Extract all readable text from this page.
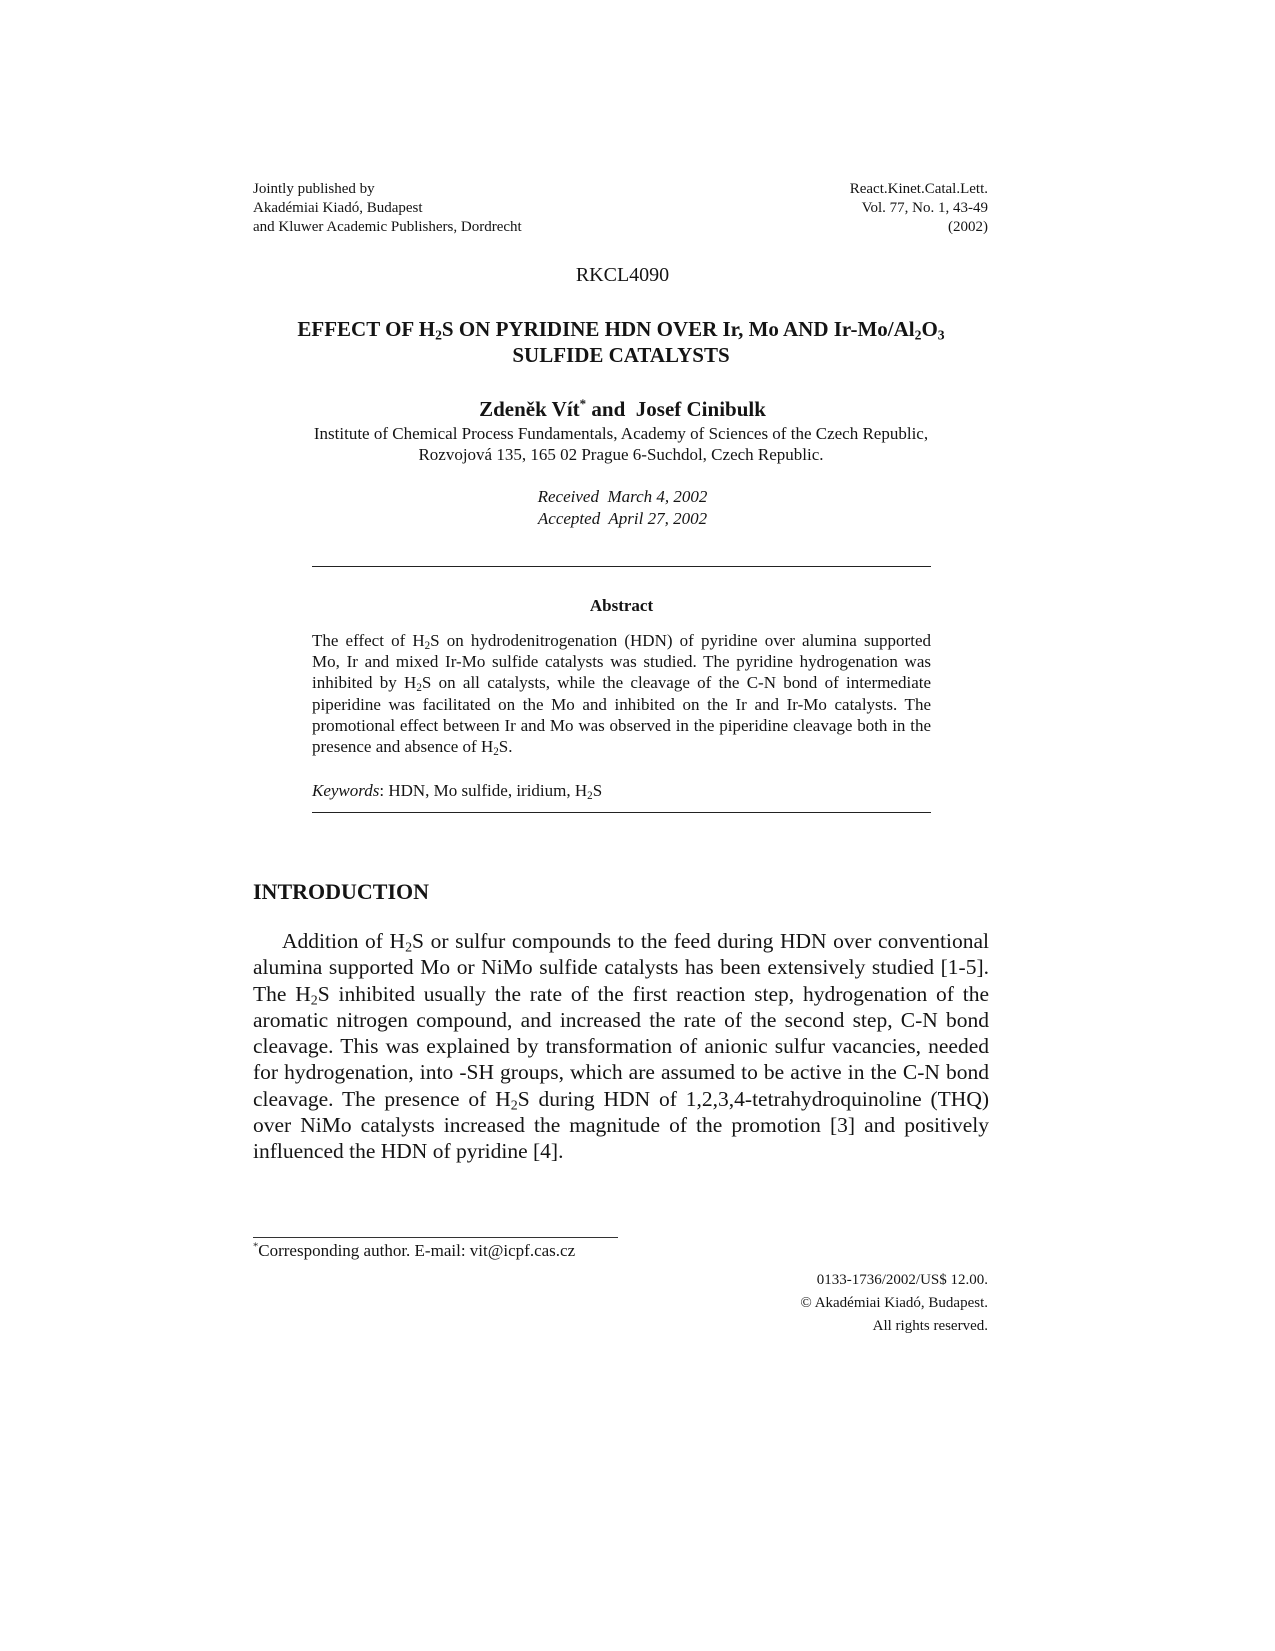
Jointly published by
Akadémiai Kiadó, Budapest
and Kluwer Academic Publishers, Dordrecht
React.Kinet.Catal.Lett.
Vol. 77, No. 1, 43-49
(2002)
RKCL4090
EFFECT OF $H_2S$ ON PYRIDINE HDN OVER Ir, Mo AND $Ir-Mo/Al_2O_3$
SULFIDE CATALYSTS
Zdeněk Vít* and  Josef Cinibulk
Institute of Chemical Process Fundamentals, Academy of Sciences of the Czech Republic,
Rozvojová 135, 165 02 Prague 6-Suchdol, Czech Republic.
Received  March 4, 2002
Accepted  April 27, 2002
Abstract
The effect of $H_2S$ on hydrodenitrogenation (HDN) of pyridine over alumina supported Mo, Ir and mixed Ir-Mo sulfide catalysts was studied. The pyridine hydrogenation was inhibited by $H_2S$ on all catalysts, while the cleavage of the C-N bond of intermediate piperidine was facilitated on the Mo and inhibited on the Ir and Ir-Mo catalysts. The promotional effect between Ir and Mo was observed in the piperidine cleavage both in the presence and absence of $H_2S$.
Keywords: HDN, Mo sulfide, iridium, $H_2S$
INTRODUCTION
Addition of $H_2S$ or sulfur compounds to the feed during HDN over conventional alumina supported Mo or NiMo sulfide catalysts has been extensively studied [1-5]. The $H_2S$ inhibited usually the rate of the first reaction step, hydrogenation of the aromatic nitrogen compound, and increased the rate of the second step, C-N bond cleavage. This was explained by transformation of anionic sulfur vacancies, needed for hydrogenation, into -SH groups, which are assumed to be active in the C-N bond cleavage. The presence of $H_2S$ during HDN of 1,2,3,4-tetrahydroquinoline (THQ) over NiMo catalysts increased the magnitude of the promotion [3] and positively influenced the HDN of pyridine [4].
*Corresponding author. E-mail: vit@icpf.cas.cz
0133-1736/2002/US$ 12.00.
© Akadémiai Kiadó, Budapest.
All rights reserved.
